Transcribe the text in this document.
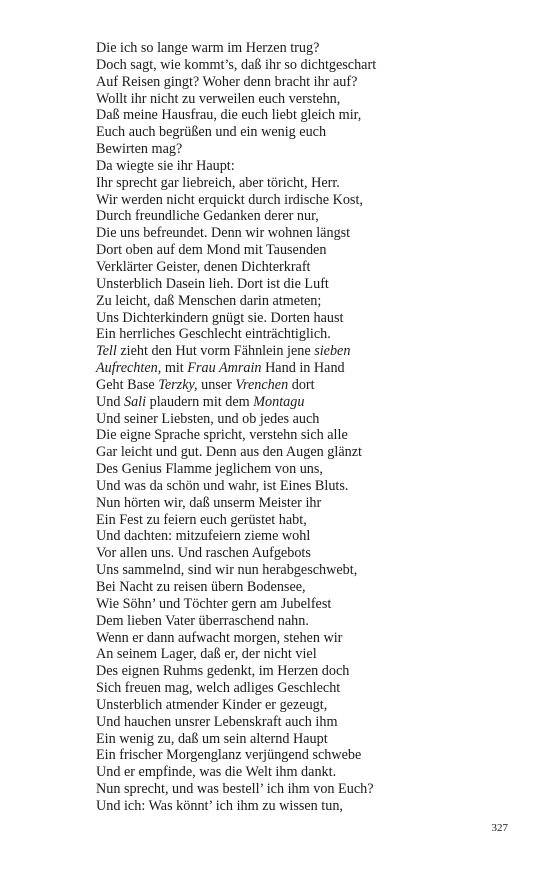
Die ich so lange warm im Herzen trug?
Doch sagt, wie kommt’s, daß ihr so dichtgeschart
Auf Reisen gingt? Woher denn bracht ihr auf?
Wollt ihr nicht zu verweilen euch verstehn,
Daß meine Hausfrau, die euch liebt gleich mir,
Euch auch begrüßen und ein wenig euch
Bewirten mag?
Da wiegte sie ihr Haupt:
Ihr sprecht gar liebreich, aber töricht, Herr.
Wir werden nicht erquickt durch irdische Kost,
Durch freundliche Gedanken derer nur,
Die uns befreundet. Denn wir wohnen längst
Dort oben auf dem Mond mit Tausenden
Verklärter Geister, denen Dichterkraft
Unsterblich Dasein lieh. Dort ist die Luft
Zu leicht, daß Menschen darin atmeten;
Uns Dichterkindern gnügt sie. Dorten haust
Ein herrliches Geschlecht einträchtiglich.
Tell zieht den Hut vorm Fähnlein jene sieben
Aufrechten, mit Frau Amrain Hand in Hand
Geht Base Terzky, unser Vrenchen dort
Und Sali plaudern mit dem Montagu
Und seiner Liebsten, und ob jedes auch
Die eigne Sprache spricht, verstehn sich alle
Gar leicht und gut. Denn aus den Augen glänzt
Des Genius Flamme jeglichem von uns,
Und was da schön und wahr, ist Eines Bluts.
Nun hörten wir, daß unserm Meister ihr
Ein Fest zu feiern euch gerüstet habt,
Und dachten: mitzufeiern zieme wohl
Vor allen uns. Und raschen Aufgebots
Uns sammelnd, sind wir nun herabgeschwebt,
Bei Nacht zu reisen übern Bodensee,
Wie Söhn’ und Töchter gern am Jubelfest
Dem lieben Vater überraschend nahn.
Wenn er dann aufwacht morgen, stehen wir
An seinem Lager, daß er, der nicht viel
Des eignen Ruhms gedenkt, im Herzen doch
Sich freuen mag, welch adliges Geschlecht
Unsterblich atmender Kinder er gezeugt,
Und hauchen unsrer Lebenskraft auch ihm
Ein wenig zu, daß um sein alternd Haupt
Ein frischer Morgenglanz verjüngend schwebe
Und er empfinde, was die Welt ihm dankt.
Nun sprecht, und was bestell’ ich ihm von Euch?
Und ich: Was könnt’ ich ihm zu wissen tun,
327
